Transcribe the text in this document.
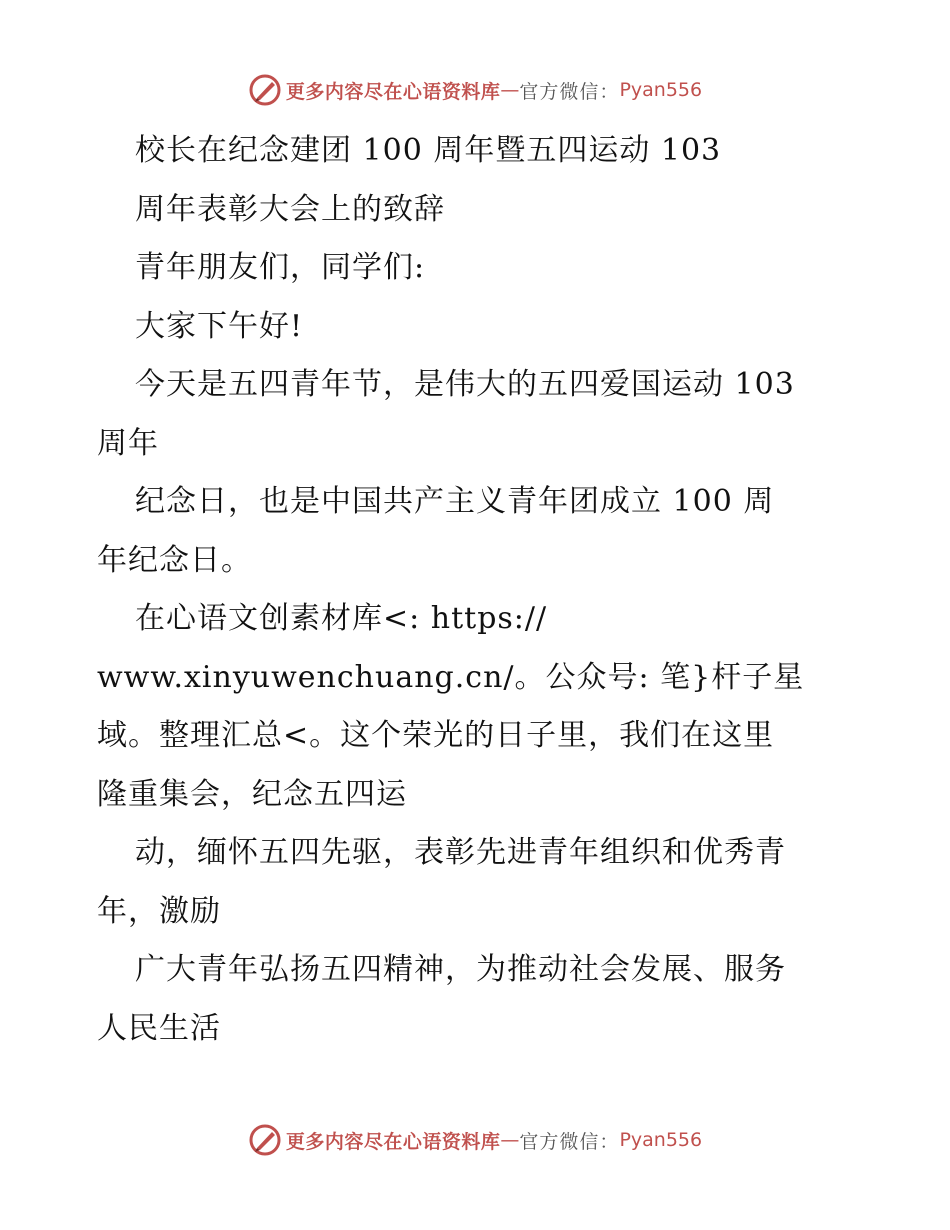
更多内容尽在心语资料库 — 官方微信： Pyan556
校长在纪念建团 100 周年暨五四运动 103
周年表彰大会上的致辞
青年朋友们，同学们:
大家下午好!
今天是五四青年节，是伟大的五四爱国运动 103
周年
纪念日，也是中国共产主义青年团成立 100 周
年纪念日。
在心语文创素材库<: https://
www.xinyuwenchuang.cn/。公众号: 笔}杆子星
域。整理汇总<。这个荣光的日子里，我们在这里
隆重集会，纪念五四运
动，缅怀五四先驱，表彰先进青年组织和优秀青
年，激励
广大青年弘扬五四精神，为推动社会发展、服务
人民生活
更多内容尽在心语资料库 — 官方微信： Pyan556
